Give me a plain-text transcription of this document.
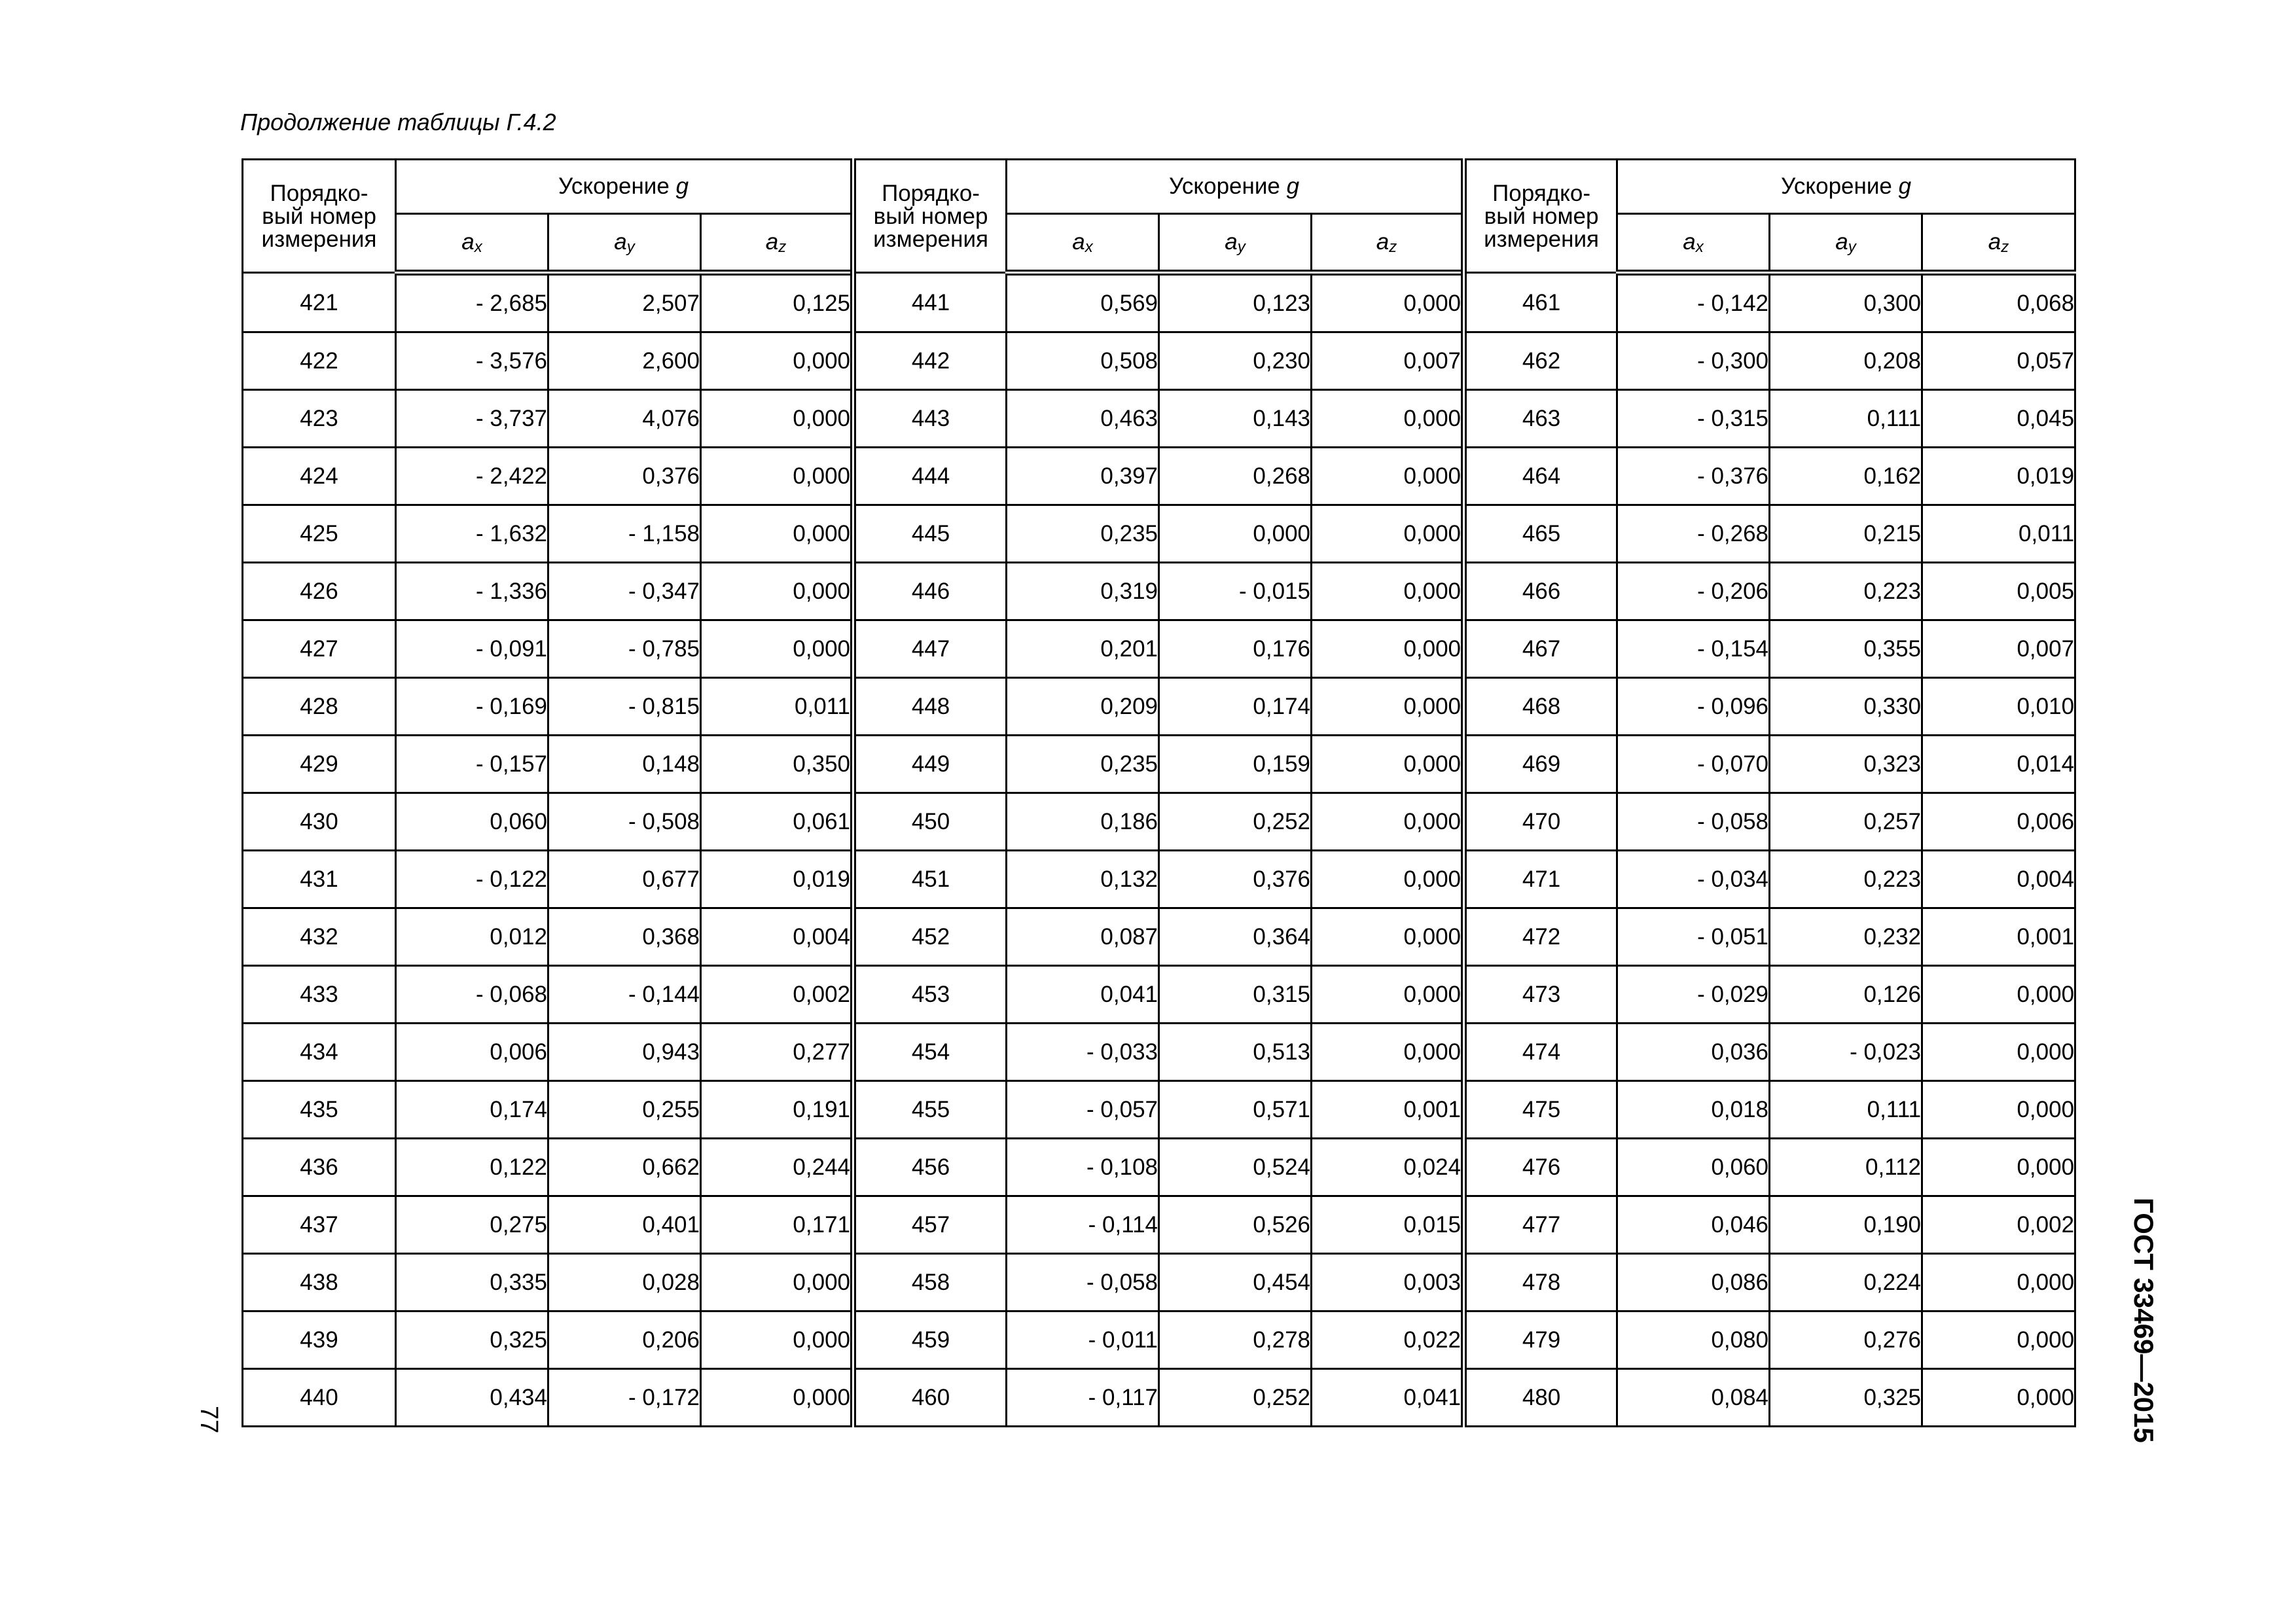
Продолжение таблицы Г.4.2
Порядко-
вый номер
измерения	Ускорение g			Порядко-
вый номер
измерения	Ускорение g			Порядко-
вый номер
измерения	Ускорение g		
	$a_x$	$a_y$	$a_z$		$a_x$	$a_y$	$a_z$		$a_x$	$a_y$	$a_z$
421	- 2,685	2,507	0,125	441	0,569	0,123	0,000	461	- 0,142	0,300	0,068
422	- 3,576	2,600	0,000	442	0,508	0,230	0,007	462	- 0,300	0,208	0,057
423	- 3,737	4,076	0,000	443	0,463	0,143	0,000	463	- 0,315	0,111	0,045
424	- 2,422	0,376	0,000	444	0,397	0,268	0,000	464	- 0,376	0,162	0,019
425	- 1,632	- 1,158	0,000	445	0,235	0,000	0,000	465	- 0,268	0,215	0,011
426	- 1,336	- 0,347	0,000	446	0,319	- 0,015	0,000	466	- 0,206	0,223	0,005
427	- 0,091	- 0,785	0,000	447	0,201	0,176	0,000	467	- 0,154	0,355	0,007
428	- 0,169	- 0,815	0,011	448	0,209	0,174	0,000	468	- 0,096	0,330	0,010
429	- 0,157	0,148	0,350	449	0,235	0,159	0,000	469	- 0,070	0,323	0,014
430	0,060	- 0,508	0,061	450	0,186	0,252	0,000	470	- 0,058	0,257	0,006
431	- 0,122	0,677	0,019	451	0,132	0,376	0,000	471	- 0,034	0,223	0,004
432	0,012	0,368	0,004	452	0,087	0,364	0,000	472	- 0,051	0,232	0,001
433	- 0,068	- 0,144	0,002	453	0,041	0,315	0,000	473	- 0,029	0,126	0,000
434	0,006	0,943	0,277	454	- 0,033	0,513	0,000	474	0,036	- 0,023	0,000
435	0,174	0,255	0,191	455	- 0,057	0,571	0,001	475	0,018	0,111	0,000
436	0,122	0,662	0,244	456	- 0,108	0,524	0,024	476	0,060	0,112	0,000
437	0,275	0,401	0,171	457	- 0,114	0,526	0,015	477	0,046	0,190	0,002
438	0,335	0,028	0,000	458	- 0,058	0,454	0,003	478	0,086	0,224	0,000
439	0,325	0,206	0,000	459	- 0,011	0,278	0,022	479	0,080	0,276	0,000
440	0,434	- 0,172	0,000	460	- 0,117	0,252	0,041	480	0,084	0,325	0,000 ГОСТ 33469—2015
77
